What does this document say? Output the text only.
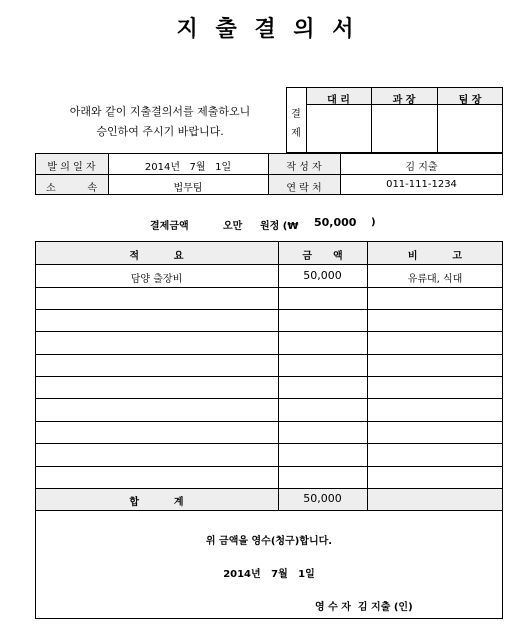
지 출 결 의 서
아래와 같이 지출결의서를 제출하오니
승인하여 주시기 바랍니다.
결
제
대 리	과 장	팀 장
발 의 일 자	2014년   7월   1일	작 성 자	김 지출
소          속	법무팀	연 락 처	011-111-1234
결제금액	오만 원정 (₩ 50,000 )
적          요	금      액	비          고
담양 출장비	50,000	유류대, 식대
합          계	50,000
위 금액을 영수(청구)합니다.
2014년   7월   1일
영 수 자  김 지출 (인)
